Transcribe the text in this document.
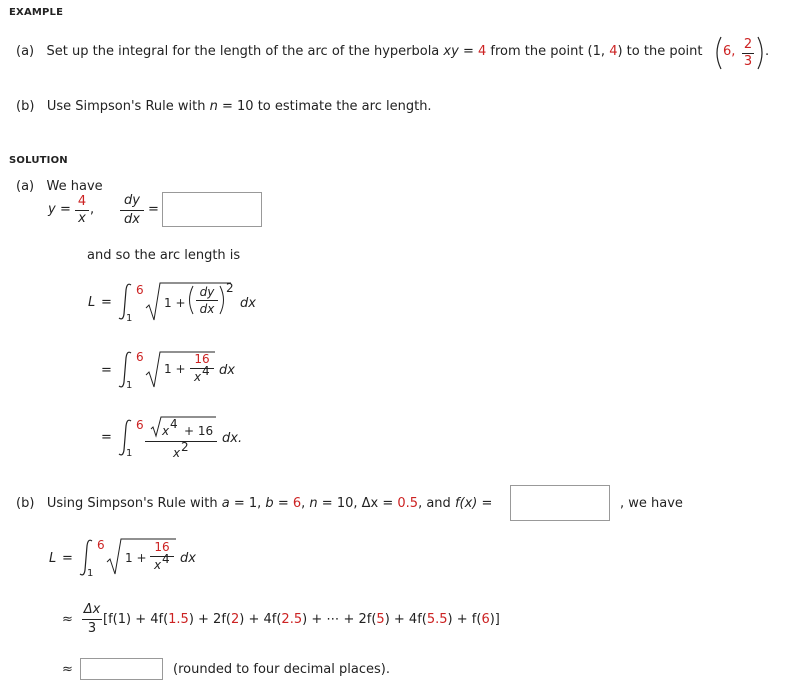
EXAMPLE
(a) Set up the integral for the length of the arc of the hyperbola xy = 4 from the point (1, 4) to the point 6, 2
3
.
(b) Use Simpson's Rule with n = 10 to estimate the arc length.
SOLUTION
(a) We have
y =
4
x
,
dy
dx
=
and so the arc length is
L =
6
1
1 +
dy
dx
2
dx
=
6
1
1 +
16
x 4 dx
=
6
1
x 4 + 16
x 2
dx.
(b) Using Simpson's Rule with a = 1, b = 6, n = 10, Δx = 0.5, and f(x) =	, we have
L =
6
1
1 +
16
x 4 dx
≈
Δx
3
[f(1) + 4f(1.5) + 2f(2) + 4f(2.5) + ⋯ + 2f(5) + 4f(5.5) + f(6)]
≈	(rounded to four decimal places).
